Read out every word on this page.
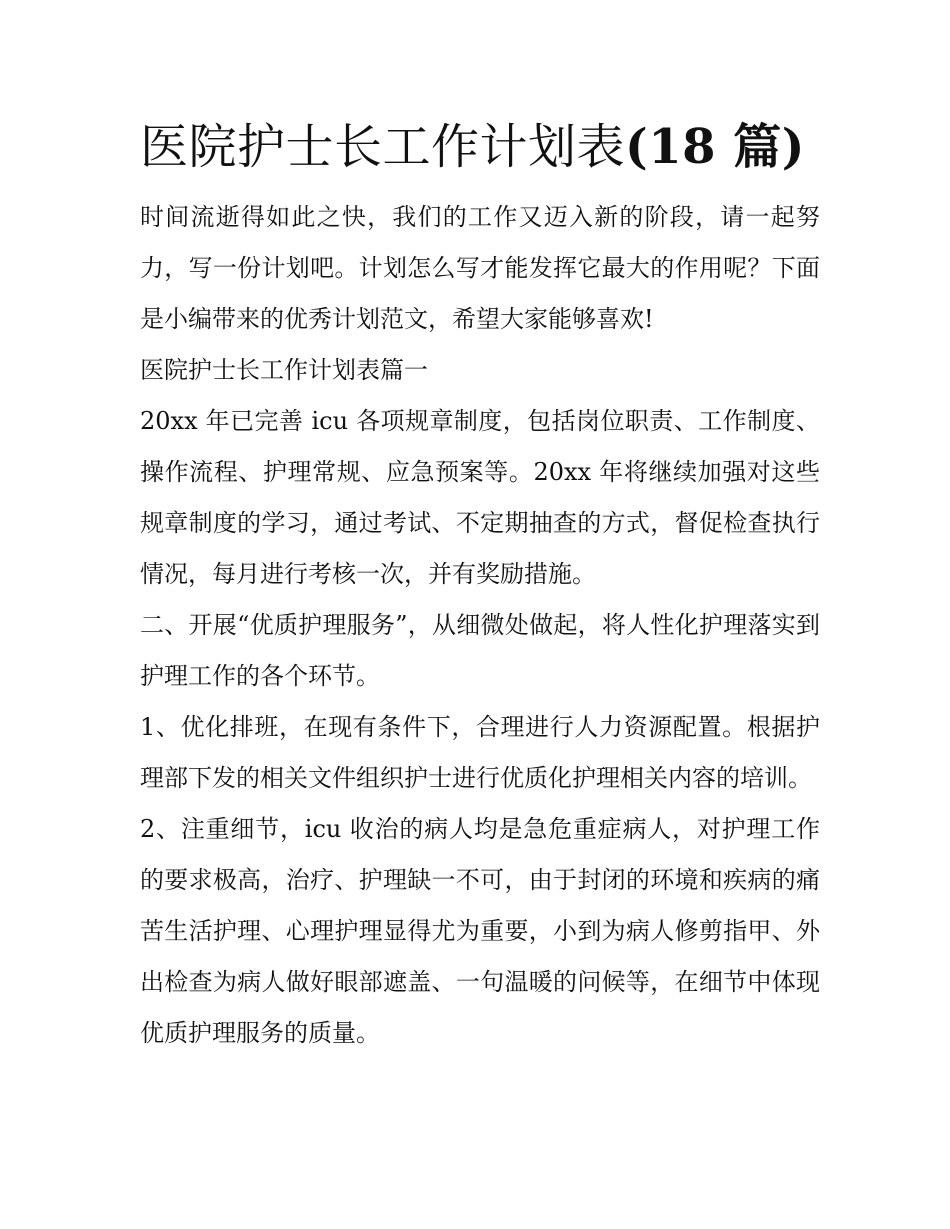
医院护士长工作计划表(18 篇)

时间流逝得如此之快，我们的工作又迈入新的阶段，请一起努力，写一份计划吧。计划怎么写才能发挥它最大的作用呢？下面是小编带来的优秀计划范文，希望大家能够喜欢!

医院护士长工作计划表篇一

20xx 年已完善 icu 各项规章制度，包括岗位职责、工作制度、操作流程、护理常规、应急预案等。20xx 年将继续加强对这些规章制度的学习，通过考试、不定期抽查的方式，督促检查执行情况，每月进行考核一次，并有奖励措施。

二、开展“优质护理服务”，从细微处做起，将人性化护理落实到护理工作的各个环节。

1、优化排班，在现有条件下，合理进行人力资源配置。根据护理部下发的相关文件组织护士进行优质化护理相关内容的培训。

2、注重细节，icu 收治的病人均是急危重症病人，对护理工作的要求极高，治疗、护理缺一不可，由于封闭的环境和疾病的痛苦生活护理、心理护理显得尤为重要，小到为病人修剪指甲、外出检查为病人做好眼部遮盖、一句温暖的问候等，在细节中体现优质护理服务的质量。
